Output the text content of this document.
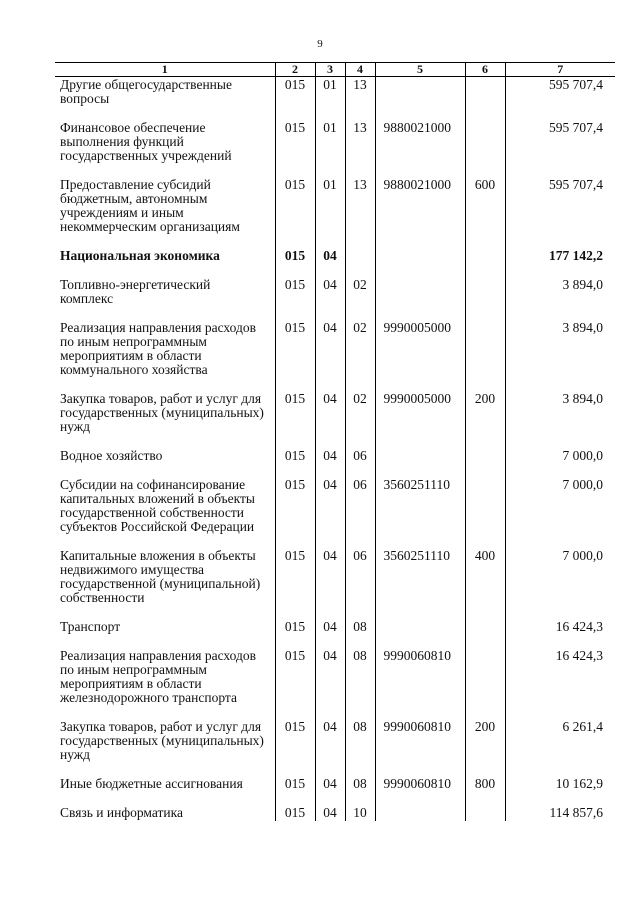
9
1	2	3	4	5	6	7
Другие общегосударственные вопросы	015	01	13			595 707,4
Финансовое обеспечение выполнения функций государственных учреждений	015	01	13	9880021000		595 707,4
Предоставление субсидий бюджетным, автономным учреждениям и иным некоммерческим организациям	015	01	13	9880021000	600	595 707,4
Национальная экономика	015	04				177 142,2
Топливно-энергетический комплекс	015	04	02			3 894,0
Реализация направления расходов по иным непрограммным мероприятиям в области коммунального хозяйства	015	04	02	9990005000		3 894,0
Закупка товаров, работ и услуг для государственных (муниципальных) нужд	015	04	02	9990005000	200	3 894,0
Водное хозяйство	015	04	06			7 000,0
Субсидии на софинансирование капитальных вложений в объекты государственной собственности субъектов Российской Федерации	015	04	06	3560251110		7 000,0
Капитальные вложения в объекты недвижимого имущества государственной (муниципальной) собственности	015	04	06	3560251110	400	7 000,0
Транспорт	015	04	08			16 424,3
Реализация направления расходов по иным непрограммным мероприятиям в области железнодорожного транспорта	015	04	08	9990060810		16 424,3
Закупка товаров, работ и услуг для государственных (муниципальных) нужд	015	04	08	9990060810	200	6 261,4
Иные бюджетные ассигнования	015	04	08	9990060810	800	10 162,9
Связь и информатика	015	04	10			114 857,6
